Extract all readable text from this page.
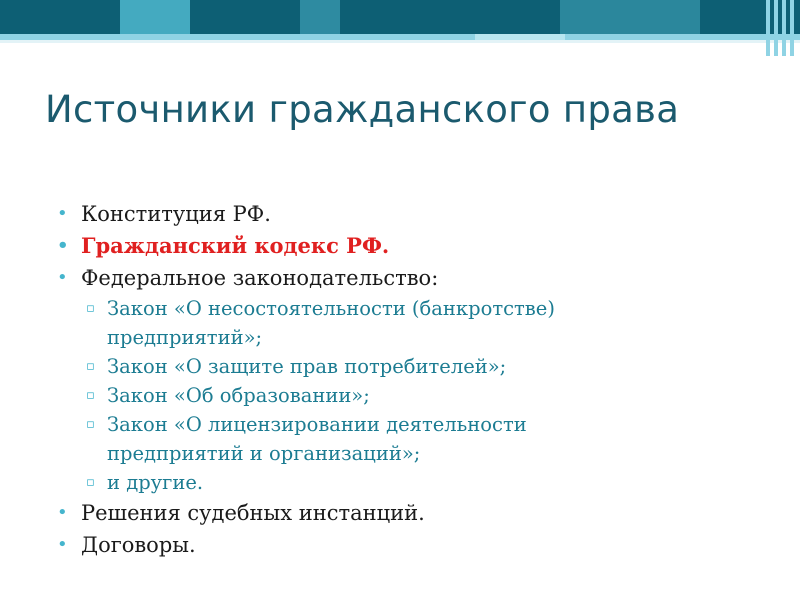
Источники гражданского права
• Конституция РФ.
• Гражданский кодекс РФ.
• Федеральное законодательство:
▫ Закон «О несостоятельности (банкротстве)
предприятий»;
▫ Закон «О защите прав потребителей»;
▫ Закон «Об образовании»;
▫ Закон «О лицензировании деятельности
предприятий и организаций»;
▫ и другие.
• Решения судебных инстанций.
• Договоры.
